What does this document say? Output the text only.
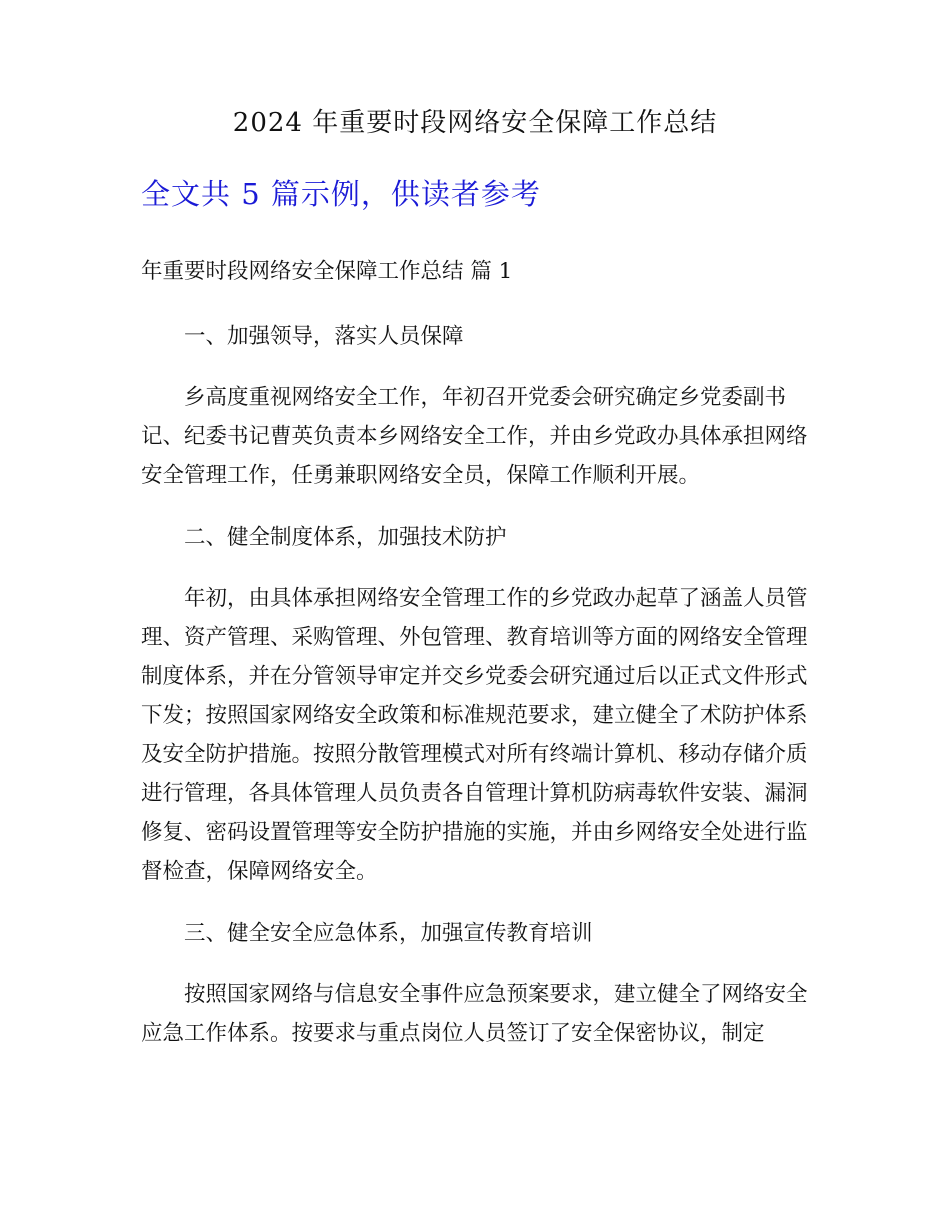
2024 年重要时段网络安全保障工作总结
全文共 5 篇示例，供读者参考
年重要时段网络安全保障工作总结 篇 1

一、加强领导，落实人员保障

乡高度重视网络安全工作，年初召开党委会研究确定乡党委副书记、纪委书记曹英负责本乡网络安全工作，并由乡党政办具体承担网络安全管理工作，任勇兼职网络安全员，保障工作顺利开展。

二、健全制度体系，加强技术防护

年初，由具体承担网络安全管理工作的乡党政办起草了涵盖人员管理、资产管理、采购管理、外包管理、教育培训等方面的网络安全管理制度体系，并在分管领导审定并交乡党委会研究通过后以正式文件形式下发；按照国家网络安全政策和标准规范要求，建立健全了术防护体系及安全防护措施。按照分散管理模式对所有终端计算机、移动存储介质进行管理，各具体管理人员负责各自管理计算机防病毒软件安装、漏洞修复、密码设置管理等安全防护措施的实施，并由乡网络安全处进行监督检查，保障网络安全。

三、健全安全应急体系，加强宣传教育培训

按照国家网络与信息安全事件应急预案要求，建立健全了网络安全应急工作体系。按要求与重点岗位人员签订了安全保密协议，制定
